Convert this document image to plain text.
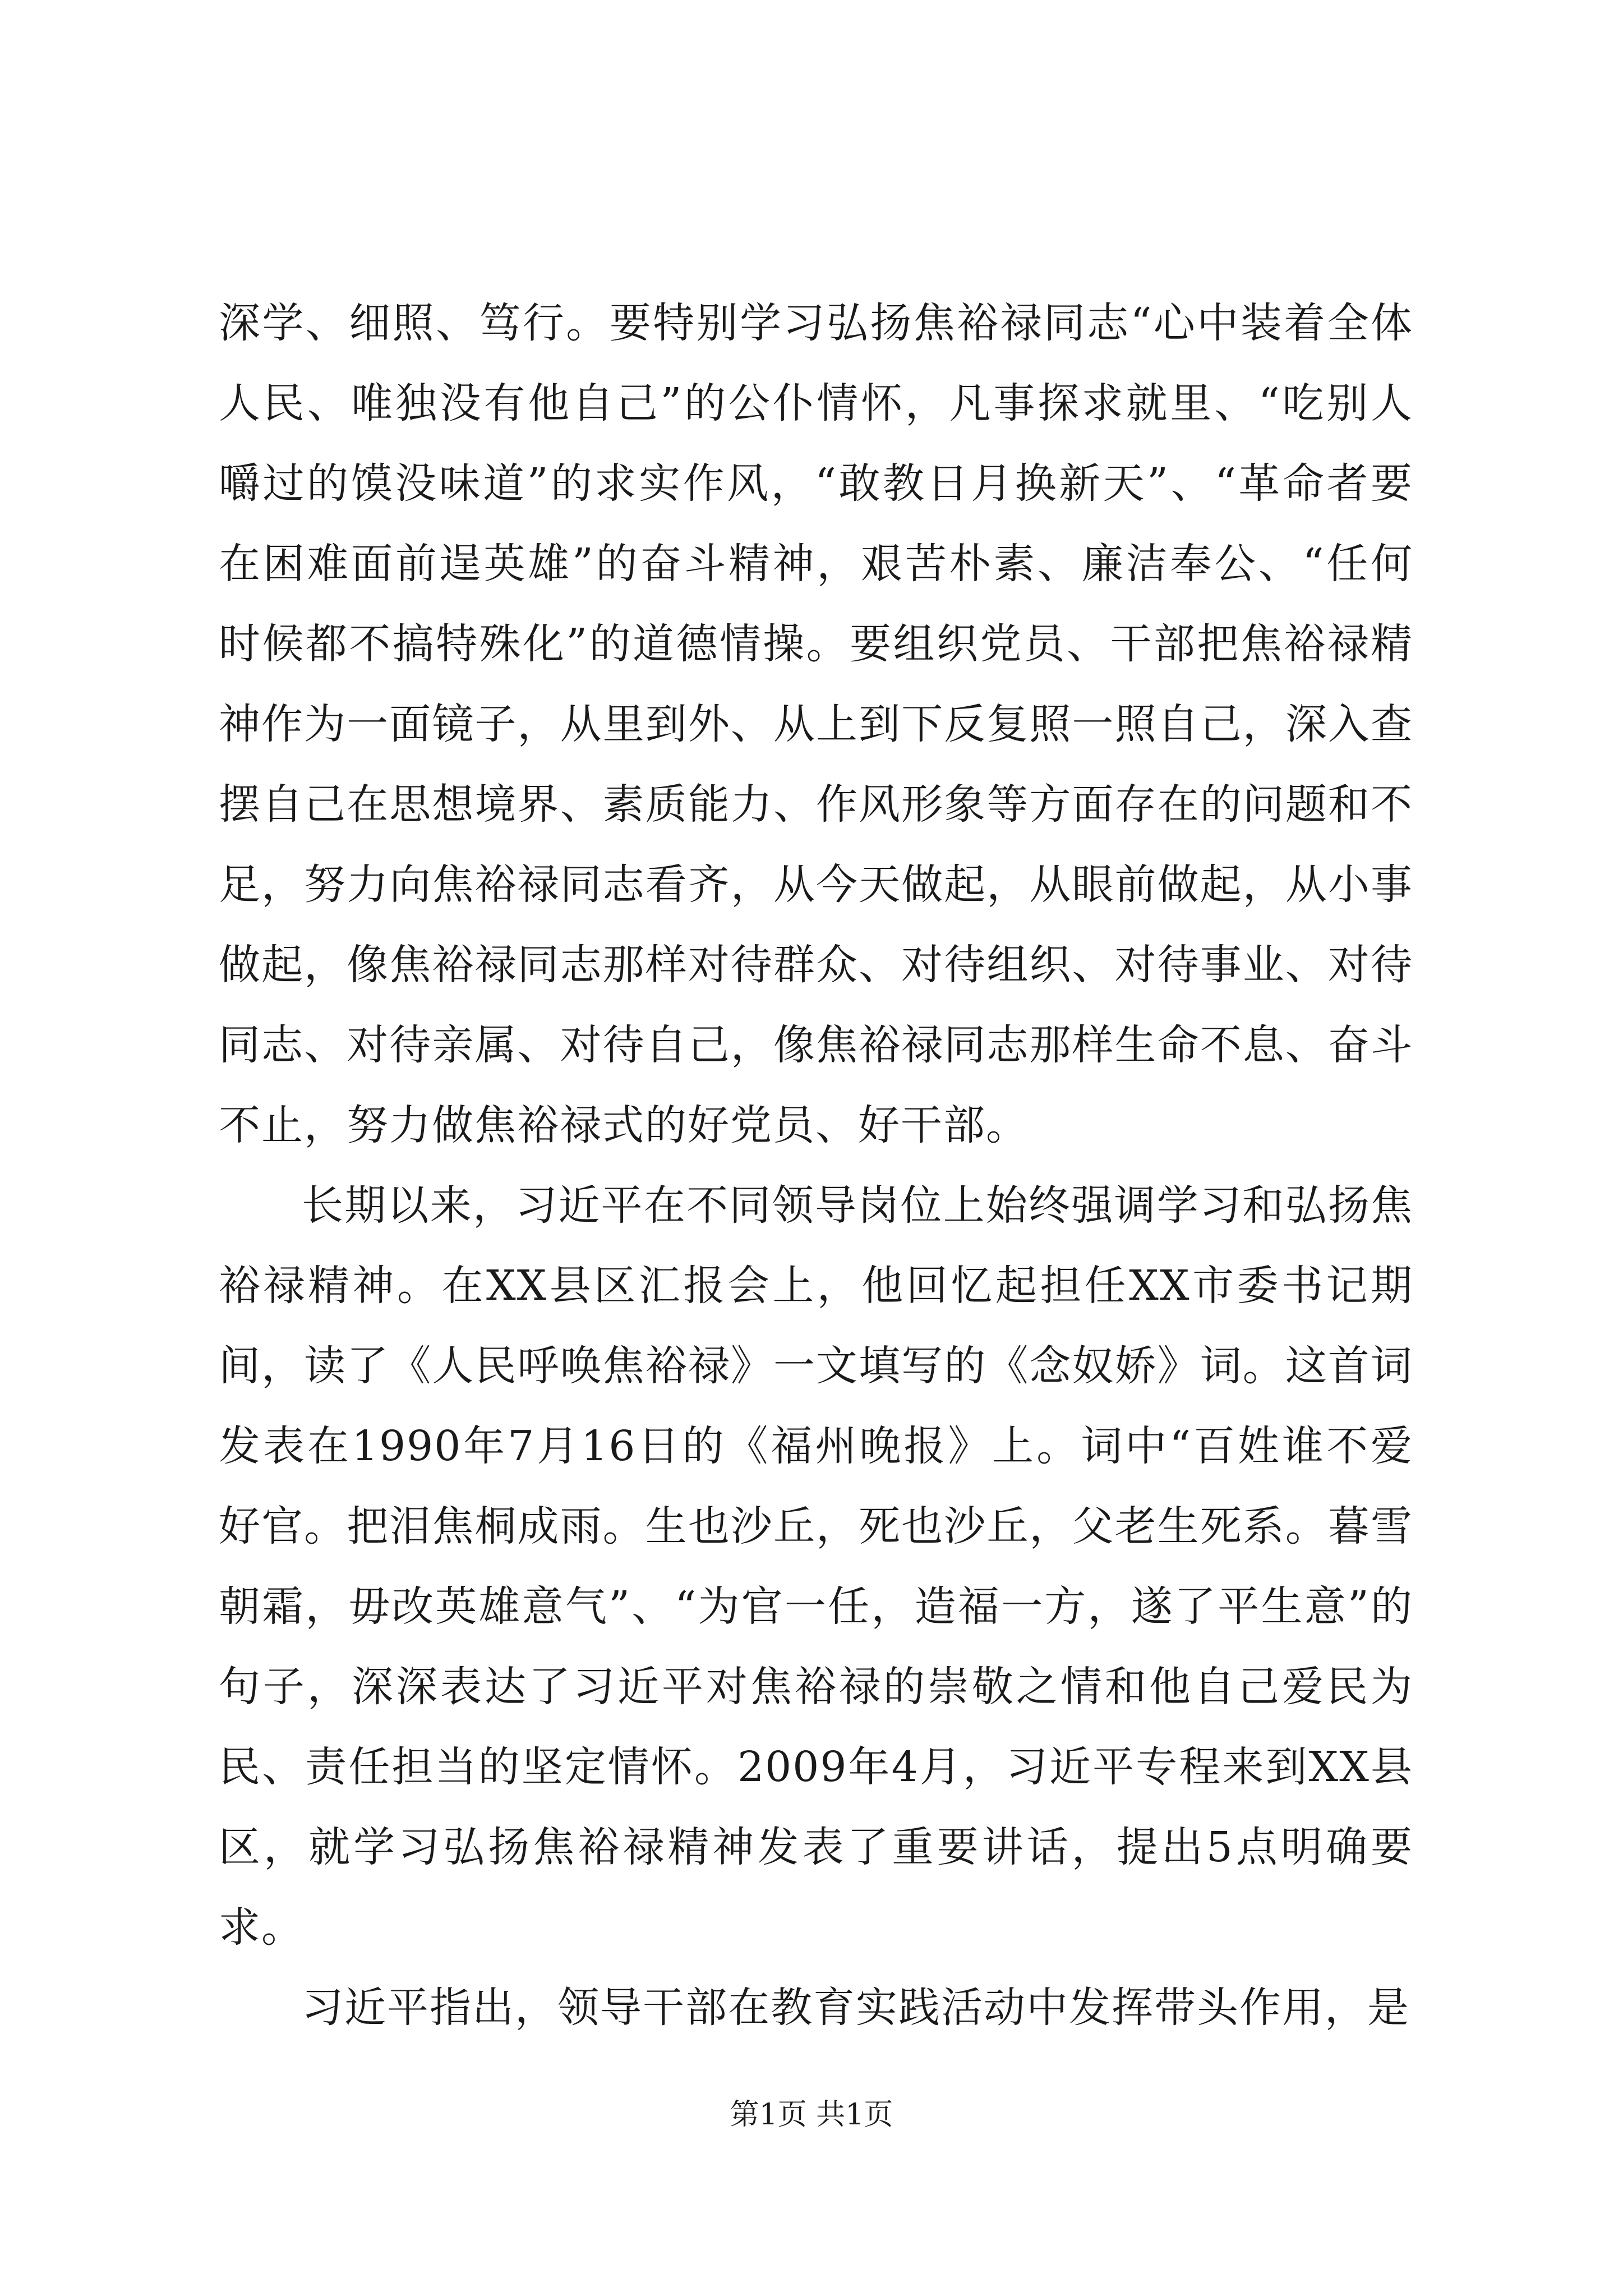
深学、细照、笃行。要特别学习弘扬焦裕禄同志“心中装着全体人民、唯独没有他自己”的公仆情怀，凡事探求就里、“吃别人嚼过的馍没味道”的求实作风，“敢教日月换新天”、“革命者要在困难面前逞英雄”的奋斗精神，艰苦朴素、廉洁奉公、“任何时候都不搞特殊化”的道德情操。要组织党员、干部把焦裕禄精神作为一面镜子，从里到外、从上到下反复照一照自己，深入查摆自己在思想境界、素质能力、作风形象等方面存在的问题和不足，努力向焦裕禄同志看齐，从今天做起，从眼前做起，从小事做起，像焦裕禄同志那样对待群众、对待组织、对待事业、对待同志、对待亲属、对待自己，像焦裕禄同志那样生命不息、奋斗不止，努力做焦裕禄式的好党员、好干部。

长期以来，习近平在不同领导岗位上始终强调学习和弘扬焦裕禄精神。在XX县区汇报会上，他回忆起担任XX市委书记期间，读了《人民呼唤焦裕禄》一文填写的《念奴娇》词。这首词发表在1990年7月16日的《福州晚报》上。词中“百姓谁不爱好官。把泪焦桐成雨。生也沙丘，死也沙丘，父老生死系。暮雪朝霜，毋改英雄意气”、“为官一任，造福一方，遂了平生意”的句子，深深表达了习近平对焦裕禄的崇敬之情和他自己爱民为民、责任担当的坚定情怀。2009年4月，习近平专程来到XX县区，就学习弘扬焦裕禄精神发表了重要讲话，提出5点明确要求。

习近平指出，领导干部在教育实践活动中发挥带头作用，是

第1页 共1页
